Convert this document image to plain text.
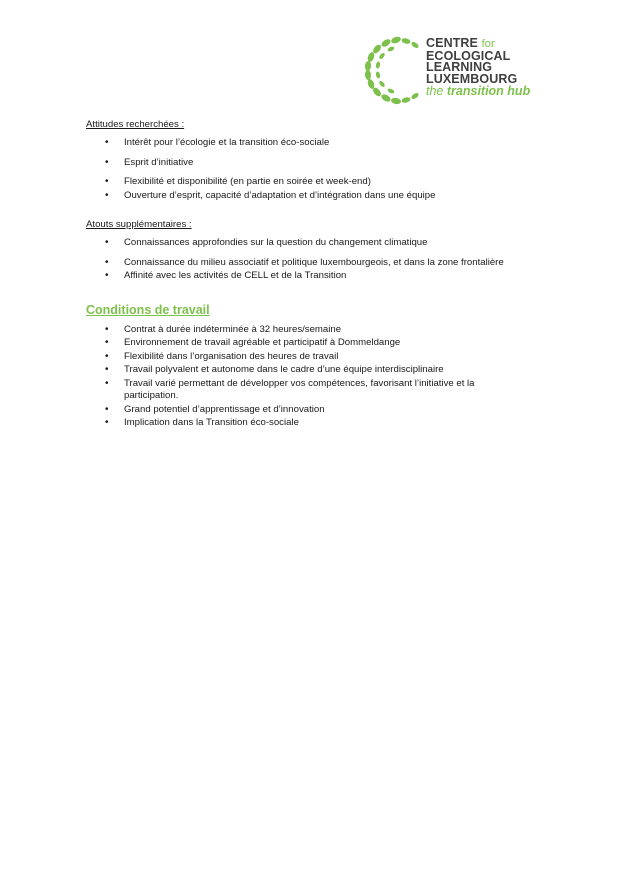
CENTRE for
ECOLOGICAL
LEARNING
LUXEMBOURG
the transition hub
Attitudes recherchées :
• Intérêt pour l’écologie et la transition éco-sociale
• Esprit d’initiative
• Flexibilité et disponibilité (en partie en soirée et week-end)
• Ouverture d’esprit, capacité d’adaptation et d’intégration dans une équipe
Atouts supplémentaires :
• Connaissances approfondies sur la question du changement climatique
• Connaissance du milieu associatif et politique luxembourgeois, et dans la zone frontalière
• Affinité avec les activités de CELL et de la Transition
Conditions de travail
• Contrat à durée indéterminée à 32 heures/semaine
• Environnement de travail agréable et participatif à Dommeldange
• Flexibilité dans l’organisation des heures de travail
• Travail polyvalent et autonome dans le cadre d’une équipe interdisciplinaire
• Travail varié permettant de développer vos compétences, favorisant l’initiative et la participation.
• Grand potentiel d’apprentissage et d’innovation
• Implication dans la Transition éco-sociale
